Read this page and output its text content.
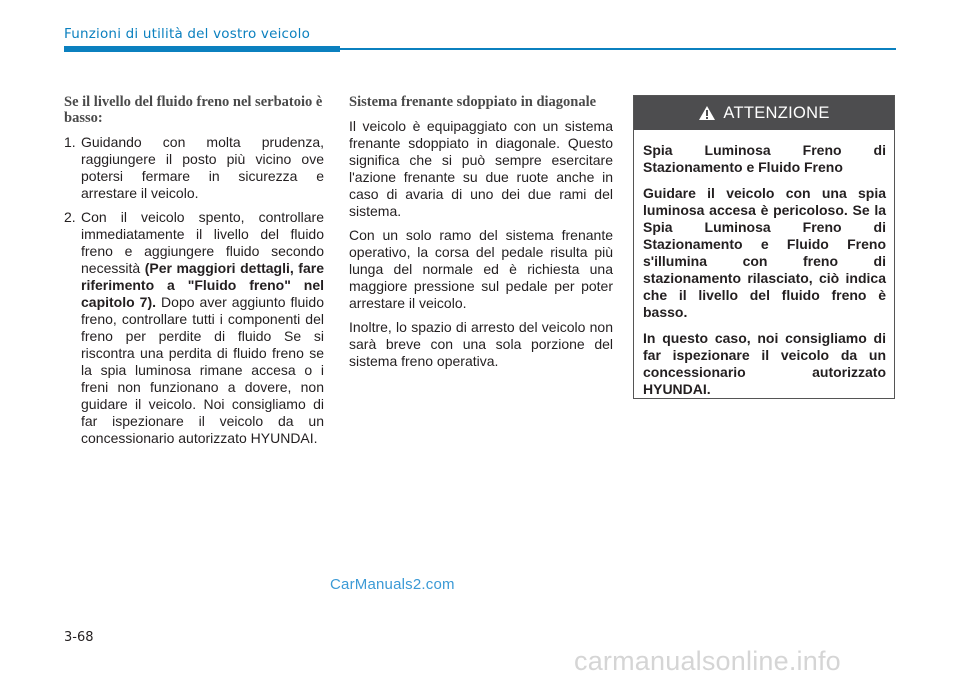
Funzioni di utilità del vostro veicolo

Se il livello del fluido freno nel serbatoio è basso:

1. Guidando con molta prudenza, raggiungere il posto più vicino ove potersi fermare in sicurezza e arrestare il veicolo.
2. Con il veicolo spento, controllare immediatamente il livello del fluido freno e aggiungere fluido secondo necessità (Per maggiori dettagli, fare riferimento a "Fluido freno" nel capitolo 7). Dopo aver aggiunto fluido freno, controllare tutti i componenti del freno per perdite di fluido Se si riscontra una perdita di fluido freno se la spia luminosa rimane accesa o i freni non funzionano a dovere, non guidare il veicolo. Noi consigliamo di far ispezionare il veicolo da un concessionario autorizzato HYUNDAI.

Sistema frenante sdoppiato in diagonale

Il veicolo è equipaggiato con un sistema frenante sdoppiato in diagonale. Questo significa che si può sempre esercitare l'azione frenante su due ruote anche in caso di avaria di uno dei due rami del sistema.

Con un solo ramo del sistema frenante operativo, la corsa del pedale risulta più lunga del normale ed è richiesta una maggiore pressione sul pedale per poter arrestare il veicolo.

Inoltre, lo spazio di arresto del veicolo non sarà breve con una sola porzione del sistema freno operativa.

ATTENZIONE

Spia Luminosa Freno di Stazionamento e Fluido Freno

Guidare il veicolo con una spia luminosa accesa è pericoloso. Se la Spia Luminosa Freno di Stazionamento e Fluido Freno s'illumina con freno di stazionamento rilasciato, ciò indica che il livello del fluido freno è basso.

In questo caso, noi consigliamo di far ispezionare il veicolo da un concessionario autorizzato HYUNDAI.

CarManuals2.com
3-68
carmanualsonline.info
